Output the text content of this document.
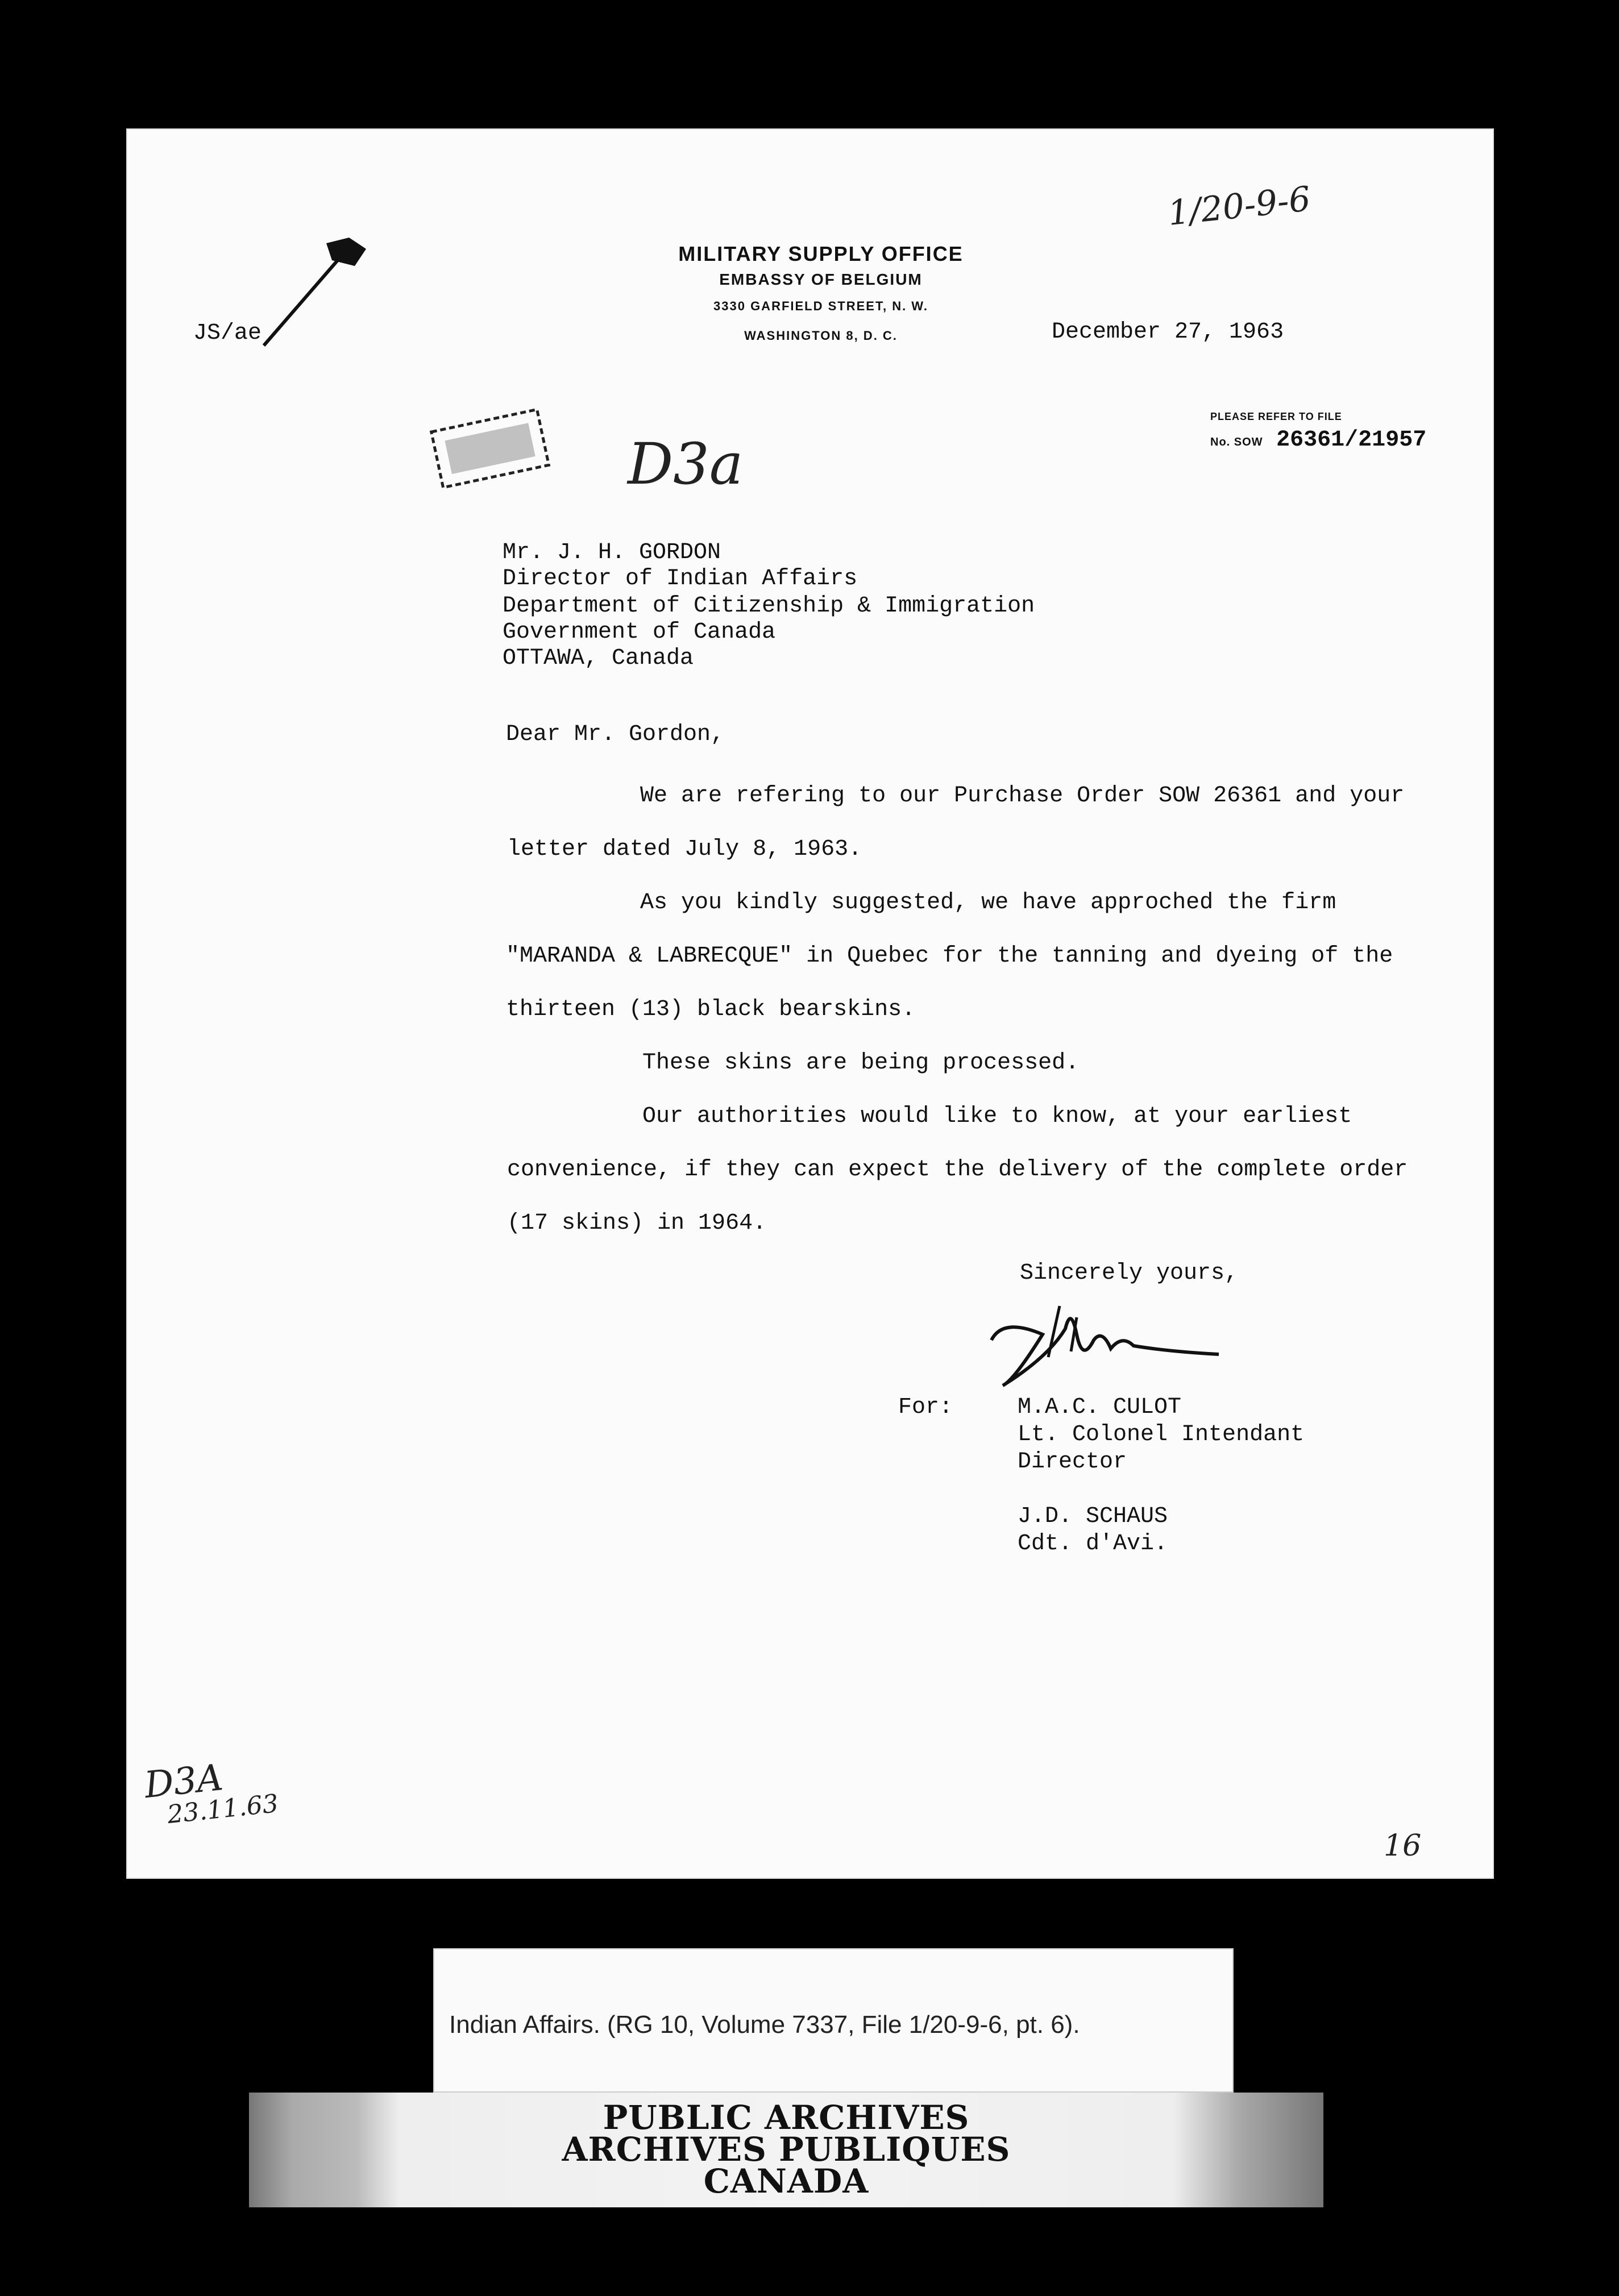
MILITARY SUPPLY OFFICE
EMBASSY OF BELGIUM
3330 GARFIELD STREET, N. W.
WASHINGTON 8, D. C.
JS/ae
1/20-9-6
December 27, 1963
PLEASE REFER TO FILE
No. SOW 26361/21957
D3a
Mr. J. H. GORDON
Director of Indian Affairs
Department of Citizenship & Immigration
Government of Canada
OTTAWA, Canada
Dear Mr. Gordon,
We are refering to our Purchase Order SOW 26361 and your
letter dated July 8, 1963.
As you kindly suggested, we have approched the firm
"MARANDA & LABRECQUE" in Quebec for the tanning and dyeing of the
thirteen (13) black bearskins.
These skins are being processed.
Our authorities would like to know, at your earliest
convenience, if they can expect the delivery of the complete order
(17 skins) in 1964.
Sincerely yours,
For:	M.A.C. CULOT
Lt. Colonel Intendant
Director
J.D. SCHAUS
Cdt. d'Avi.
D3A
23.11.63
16
Indian Affairs. (RG 10, Volume 7337, File 1/20-9-6, pt. 6).
PUBLIC ARCHIVES
ARCHIVES PUBLIQUES
CANADA
